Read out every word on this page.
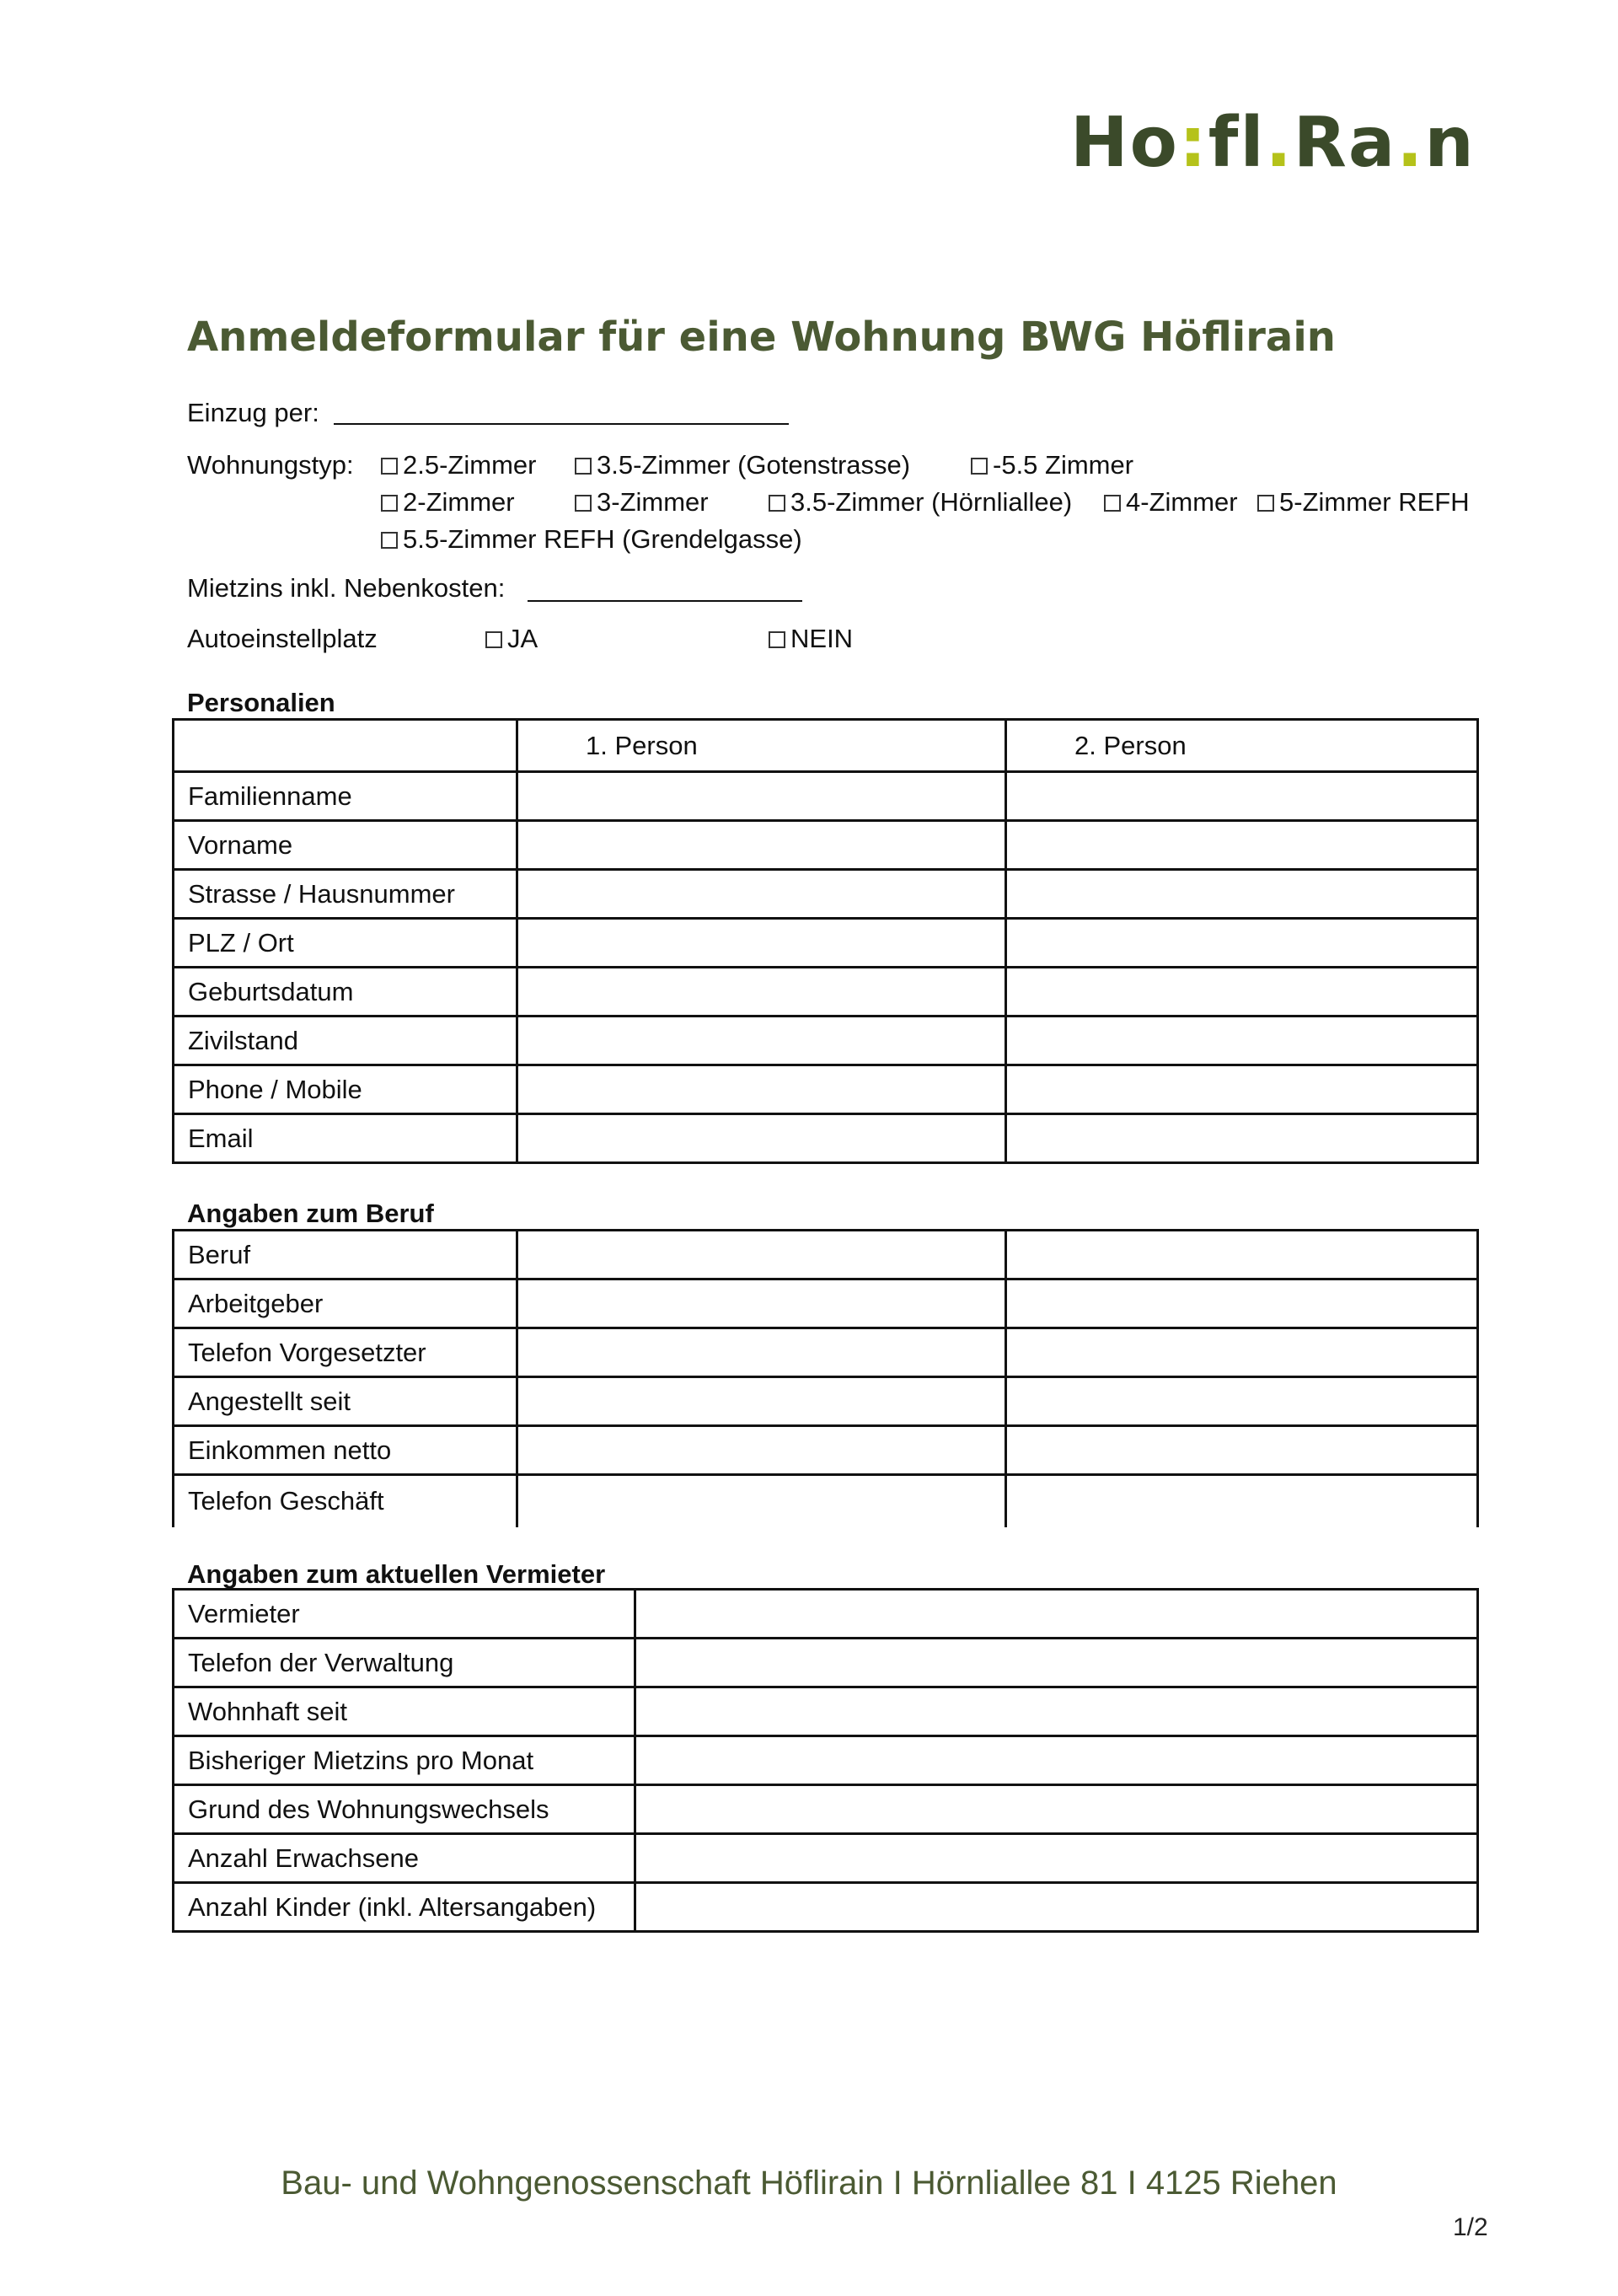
Ho:fl.Ra.n
Anmeldeformular für eine Wohnung BWG Höflirain
Einzug per:
Wohnungstyp:	2.5-Zimmer	3.5-Zimmer (Gotenstrasse)	-5.5 Zimmer
2-Zimmer	3-Zimmer	3.5-Zimmer (Hörnliallee)	4-Zimmer	5-Zimmer REFH
5.5-Zimmer REFH (Grendelgasse)
Mietzins inkl. Nebenkosten:
Autoeinstellplatz	JA	NEIN
Personalien
	1. Person	2. Person
Familienname		
Vorname		
Strasse / Hausnummer		
PLZ / Ort		
Geburtsdatum		
Zivilstand		
Phone / Mobile		
Email		
Angaben zum Beruf
Beruf		
Arbeitgeber		
Telefon Vorgesetzter		
Angestellt seit		
Einkommen netto		
Telefon Geschäft		
Angaben zum aktuellen Vermieter
Vermieter	
Telefon der Verwaltung	
Wohnhaft seit	
Bisheriger Mietzins pro Monat	
Grund des Wohnungswechsels	
Anzahl Erwachsene	
Anzahl Kinder (inkl. Altersangaben)	
Bau- und Wohngenossenschaft Höflirain I Hörnliallee 81 I 4125 Riehen
1/2
